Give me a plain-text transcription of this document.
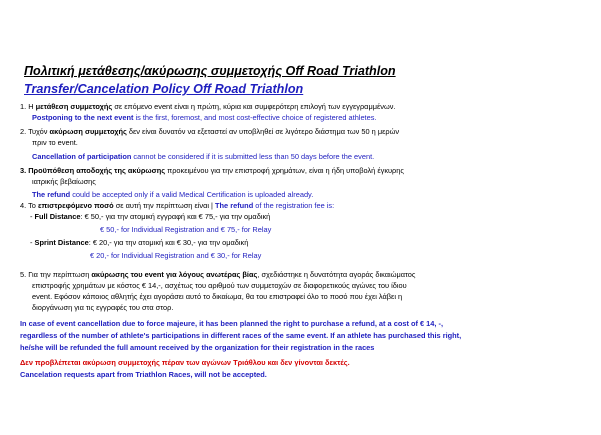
Πολιτική μετάθεσης/ακύρωσης συμμετοχής Off Road Triathlon
Transfer/Cancelation Policy Off Road Triathlon
1. Η μετάθεση συμμετοχής σε επόμενο event είναι η πρώτη, κύρια και συμφερότερη επιλογή των εγγεγραμμένων.
Postponing to the next event is the first, foremost, and most cost-effective choice of registered athletes.
2. Τυχόν ακύρωση συμμετοχής δεν είναι δυνατόν να εξεταστεί αν υποβληθεί σε λιγότερο διάστημα των 50 η μερών
πριν το event.
Cancellation of participation cannot be considered if it is submitted less than 50 days before the event.
3. Προϋπόθεση αποδοχής της ακύρωσης προκειμένου για την επιστροφή χρημάτων, είναι η ήδη υποβολή έγκυρης
ιατρικής βεβαίωσης
The refund could be accepted only if a valid Medical Certification is uploaded already.
4. Το επιστρεφόμενο ποσό σε αυτή την περίπτωση είναι | The refund of the registration fee is:
- Full Distance: € 50,- για την ατομική εγγραφή και € 75,- για την ομαδική
€ 50,- for Individual Registration and € 75,- for Relay
- Sprint Distance: € 20,- για την ατομική και € 30,- για την ομαδική
€ 20,- for Individual Registration and € 30,- for Relay
5. Για την περίπτωση ακύρωσης του event για λόγους ανωτέρας βίας, σχεδιάστηκε η δυνατότητα αγοράς δικαιώματος
επιστροφής χρημάτων με κόστος € 14,-, ασχέτως του αριθμού των συμμετοχών σε διαφορετικούς αγώνες του ίδιου
event. Εφόσον κάποιος αθλητής έχει αγοράσει αυτό το δικαίωμα, θα του επιστραφεί όλο το ποσό που έχει λάβει η
διοργάνωση για τις εγγραφές του στα στορ.
In case of event cancellation due to force majeure, it has been planned the right to purchase a refund, at a cost of € 14, -,
regardless of the number of athlete's participations in different races of the same event. If an athlete has purchased this right,
he/she will be refunded the full amount received by the organization for their registration in the races
Δεν προβλέπεται ακύρωση συμμετοχής πέραν των αγώνων Τριάθλου και δεν γίνονται δεκτές.
Cancelation requests apart from Triathlon Races, will not be accepted.
